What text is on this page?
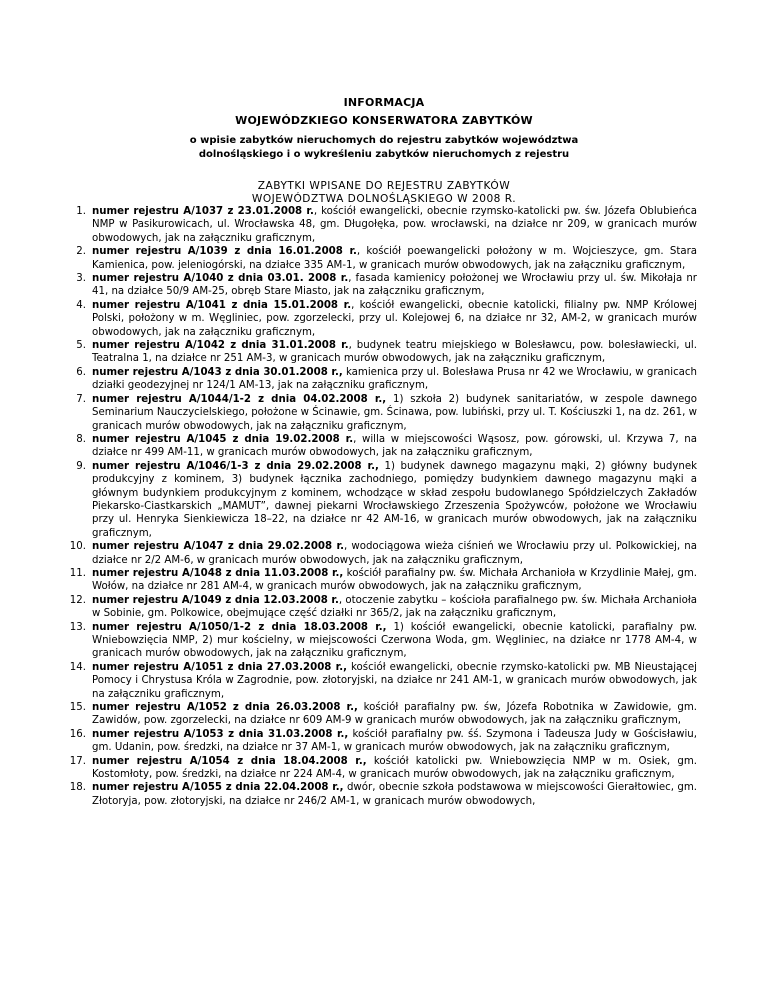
INFORMACJA
WOJEWÓDZKIEGO KONSERWATORA ZABYTKÓW
o wpisie zabytków nieruchomych do rejestru zabytków województwa
dolnośląskiego i o wykreśleniu zabytków nieruchomych z rejestru
ZABYTKI WPISANE DO REJESTRU ZABYTKÓW
WOJEWÓDZTWA DOLNOŚLĄSKIEGO W 2008 R.
1. numer rejestru A/1037 z 23.01.2008 r., kościół ewangelicki, obecnie rzymsko-katolicki pw. św. Józefa Oblubieńca NMP w Pasikurowicach, ul. Wrocławska 48, gm. Długołęka, pow. wrocławski, na działce nr 209, w granicach murów obwodowych, jak na załączniku graficznym,
2. numer rejestru A/1039 z dnia 16.01.2008 r., kościół poewangelicki położony w m. Wojcieszyce, gm. Stara Kamienica, pow. jeleniogórski, na działce 335 AM-1, w granicach murów obwodowych, jak na załączniku graficznym,
3. numer rejestru A/1040 z dnia 03.01. 2008 r., fasada kamienicy położonej we Wrocławiu przy ul. św. Mikołaja nr 41, na działce 50/9 AM-25, obręb Stare Miasto, jak na załączniku graficznym,
4. numer rejestru A/1041 z dnia 15.01.2008 r., kościół ewangelicki, obecnie katolicki, filialny pw. NMP Królowej Polski, położony w m. Węgliniec, pow. zgorzelecki, przy ul. Kolejowej 6, na działce nr 32, AM-2, w granicach murów obwodowych, jak na załączniku graficznym,
5. numer rejestru A/1042 z dnia 31.01.2008 r., budynek teatru miejskiego w Bolesławcu, pow. bolesławiecki, ul. Teatralna 1, na działce nr 251 AM-3, w granicach murów obwodowych, jak na załączniku graficznym,
6. numer rejestru A/1043 z dnia 30.01.2008 r., kamienica przy ul. Bolesława Prusa nr 42 we Wrocławiu, w granicach działki geodezyjnej nr 124/1 AM-13, jak na załączniku graficznym,
7. numer rejestru A/1044/1-2 z dnia 04.02.2008 r., 1) szkoła 2) budynek sanitariatów, w zespole dawnego Seminarium Nauczycielskiego, położone w Ścinawie, gm. Ścinawa, pow. lubiński, przy ul. T. Kościuszki 1, na dz. 261, w granicach murów obwodowych, jak na załączniku graficznym,
8. numer rejestru A/1045 z dnia 19.02.2008 r., willa w miejscowości Wąsosz, pow. górowski, ul. Krzywa 7, na działce nr 499 AM-11, w granicach murów obwodowych, jak na załączniku graficznym,
9. numer rejestru A/1046/1-3 z dnia 29.02.2008 r., 1) budynek dawnego magazynu mąki, 2) główny budynek produkcyjny z kominem, 3) budynek łącznika zachodniego, pomiędzy budynkiem dawnego magazynu mąki a głównym budynkiem produkcyjnym z kominem, wchodzące w skład zespołu budowlanego Spółdzielczych Zakładów Piekarsko-Ciastkarskich „MAMUT”, dawnej piekarni Wrocławskiego Zrzeszenia Spożywców, położone we Wrocławiu przy ul. Henryka Sienkiewicza 18–22, na działce nr 42 AM-16, w granicach murów obwodowych, jak na załączniku graficznym,
10. numer rejestru A/1047 z dnia 29.02.2008 r., wodociągowa wieża ciśnień we Wrocławiu przy ul. Polkowickiej, na działce nr 2/2 AM-6, w granicach murów obwodowych, jak na załączniku graficznym,
11. numer rejestru A/1048 z dnia 11.03.2008 r., kościół parafialny pw. św. Michała Archanioła w Krzydlinie Małej, gm. Wołów, na działce nr 281 AM-4, w granicach murów obwodowych, jak na załączniku graficznym,
12. numer rejestru A/1049 z dnia 12.03.2008 r., otoczenie zabytku – kościoła parafialnego pw. św. Michała Archanioła w Sobinie, gm. Polkowice, obejmujące część działki nr 365/2, jak na załączniku graficznym,
13. numer rejestru A/1050/1-2 z dnia 18.03.2008 r., 1) kościół ewangelicki, obecnie katolicki, parafialny pw. Wniebowzięcia NMP, 2) mur kościelny, w miejscowości Czerwona Woda, gm. Węgliniec, na działce nr 1778 AM-4, w granicach murów obwodowych, jak na załączniku graficznym,
14. numer rejestru A/1051 z dnia 27.03.2008 r., kościół ewangelicki, obecnie rzymsko-katolicki pw. MB Nieustającej Pomocy i Chrystusa Króla w Zagrodnie, pow. złotoryjski, na działce nr 241 AM-1, w granicach murów obwodowych, jak na załączniku graficznym,
15. numer rejestru A/1052 z dnia 26.03.2008 r., kościół parafialny pw. św, Józefa Robotnika w Zawidowie, gm. Zawidów, pow. zgorzelecki, na działce nr 609 AM-9 w granicach murów obwodowych, jak na załączniku graficznym,
16. numer rejestru A/1053 z dnia 31.03.2008 r., kościół parafialny pw. śś. Szymona i Tadeusza Judy w Gościsławiu, gm. Udanin, pow. średzki, na działce nr 37 AM-1, w granicach murów obwodowych, jak na załączniku graficznym,
17. numer rejestru A/1054 z dnia 18.04.2008 r., kościół katolicki pw. Wniebowzięcia NMP w m. Osiek, gm. Kostomłoty, pow. średzki, na działce nr 224 AM-4, w granicach murów obwodowych, jak na załączniku graficznym,
18. numer rejestru A/1055 z dnia 22.04.2008 r., dwór, obecnie szkoła podstawowa w miejscowości Gierałtowiec, gm. Złotoryja, pow. złotoryjski, na działce nr 246/2 AM-1, w granicach murów obwodowych,
